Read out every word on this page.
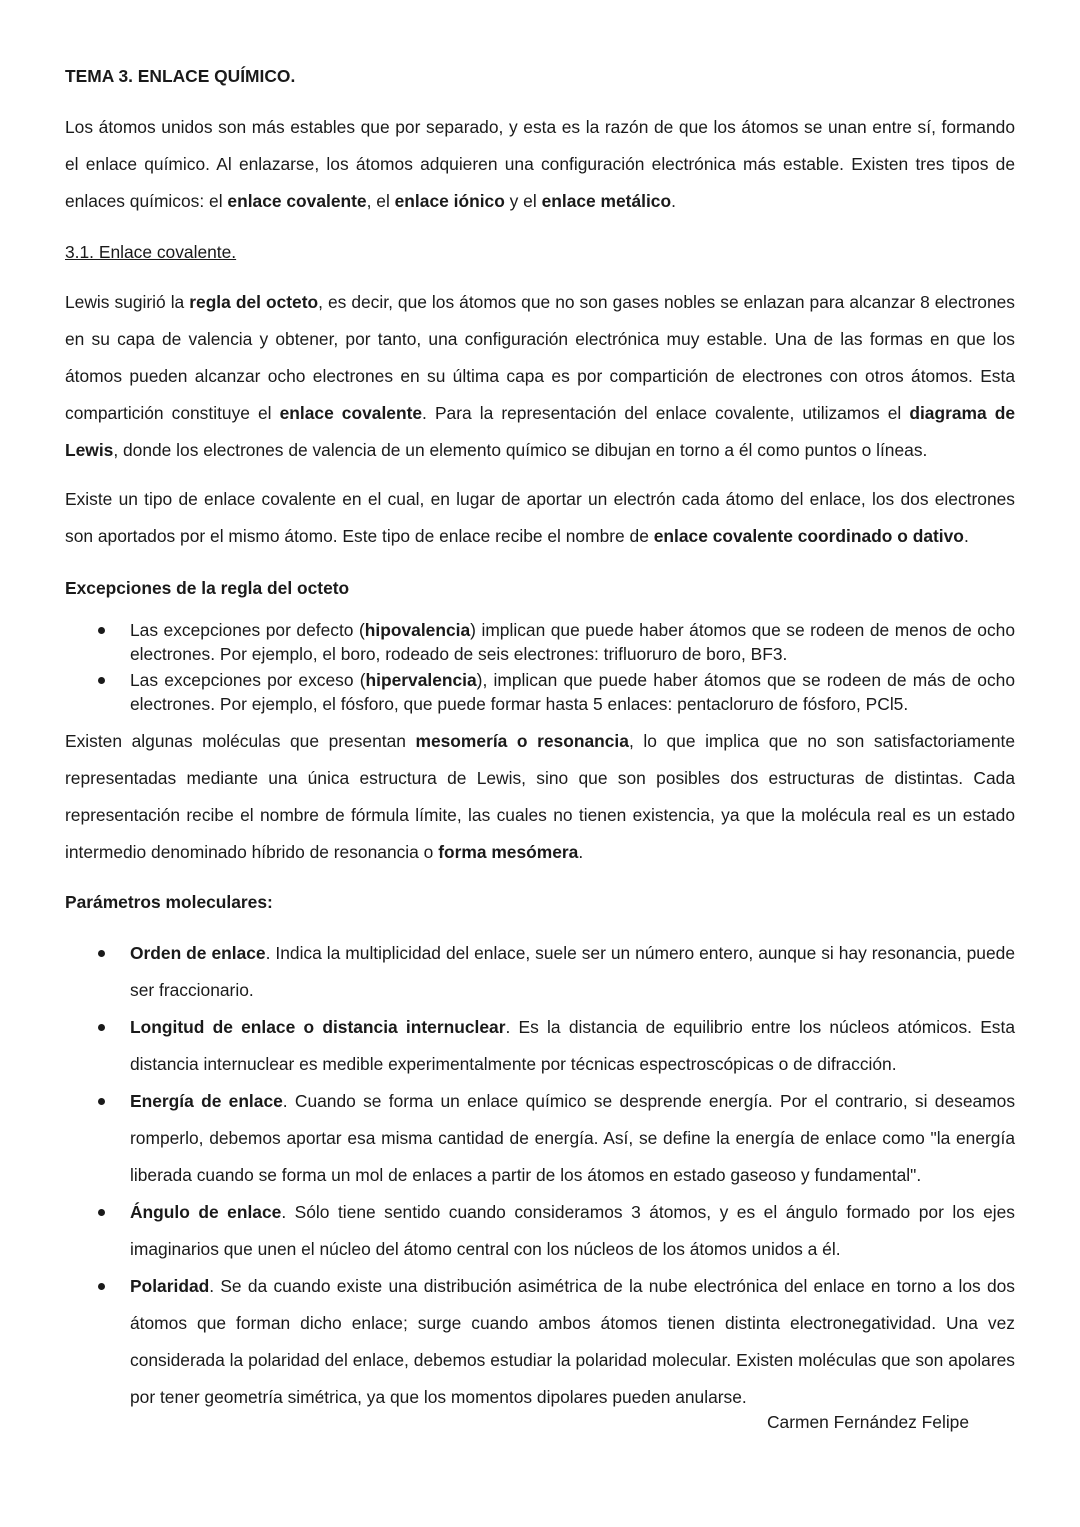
TEMA 3. ENLACE QUÍMICO.

Los átomos unidos son más estables que por separado, y esta es la razón de que los átomos se unan entre sí, formando el enlace químico. Al enlazarse, los átomos adquieren una configuración electrónica más estable. Existen tres tipos de enlaces químicos: el enlace covalente, el enlace iónico y el enlace metálico.

3.1. Enlace covalente.

Lewis sugirió la regla del octeto, es decir, que los átomos que no son gases nobles se enlazan para alcanzar 8 electrones en su capa de valencia y obtener, por tanto, una configuración electrónica muy estable. Una de las formas en que los átomos pueden alcanzar ocho electrones en su última capa es por compartición de electrones con otros átomos. Esta compartición constituye el enlace covalente. Para la representación del enlace covalente, utilizamos el diagrama de Lewis, donde los electrones de valencia de un elemento químico se dibujan en torno a él como puntos o líneas.

Existe un tipo de enlace covalente en el cual, en lugar de aportar un electrón cada átomo del enlace, los dos electrones son aportados por el mismo átomo. Este tipo de enlace recibe el nombre de enlace covalente coordinado o dativo.

Excepciones de la regla del octeto
Las excepciones por defecto (hipovalencia) implican que puede haber átomos que se rodeen de menos de ocho electrones. Por ejemplo, el boro, rodeado de seis electrones: trifluoruro de boro, BF3.
Las excepciones por exceso (hipervalencia), implican que puede haber átomos que se rodeen de más de ocho electrones. Por ejemplo, el fósforo, que puede formar hasta 5 enlaces: pentacloruro de fósforo, PCl5.

Existen algunas moléculas que presentan mesomería o resonancia, lo que implica que no son satisfactoriamente representadas mediante una única estructura de Lewis, sino que son posibles dos estructuras de distintas. Cada representación recibe el nombre de fórmula límite, las cuales no tienen existencia, ya que la molécula real es un estado intermedio denominado híbrido de resonancia o forma mesómera.

Parámetros moleculares:
Orden de enlace. Indica la multiplicidad del enlace, suele ser un número entero, aunque si hay resonancia, puede ser fraccionario.
Longitud de enlace o distancia internuclear. Es la distancia de equilibrio entre los núcleos atómicos. Esta distancia internuclear es medible experimentalmente por técnicas espectroscópicas o de difracción.
Energía de enlace. Cuando se forma un enlace químico se desprende energía. Por el contrario, si deseamos romperlo, debemos aportar esa misma cantidad de energía. Así, se define la energía de enlace como "la energía liberada cuando se forma un mol de enlaces a partir de los átomos en estado gaseoso y fundamental".
Ángulo de enlace. Sólo tiene sentido cuando consideramos 3 átomos, y es el ángulo formado por los ejes imaginarios que unen el núcleo del átomo central con los núcleos de los átomos unidos a él.
Polaridad. Se da cuando existe una distribución asimétrica de la nube electrónica del enlace en torno a los dos átomos que forman dicho enlace; surge cuando ambos átomos tienen distinta electronegatividad. Una vez considerada la polaridad del enlace, debemos estudiar la polaridad molecular. Existen moléculas que son apolares por tener geometría simétrica, ya que los momentos dipolares pueden anularse.
Carmen Fernández Felipe
